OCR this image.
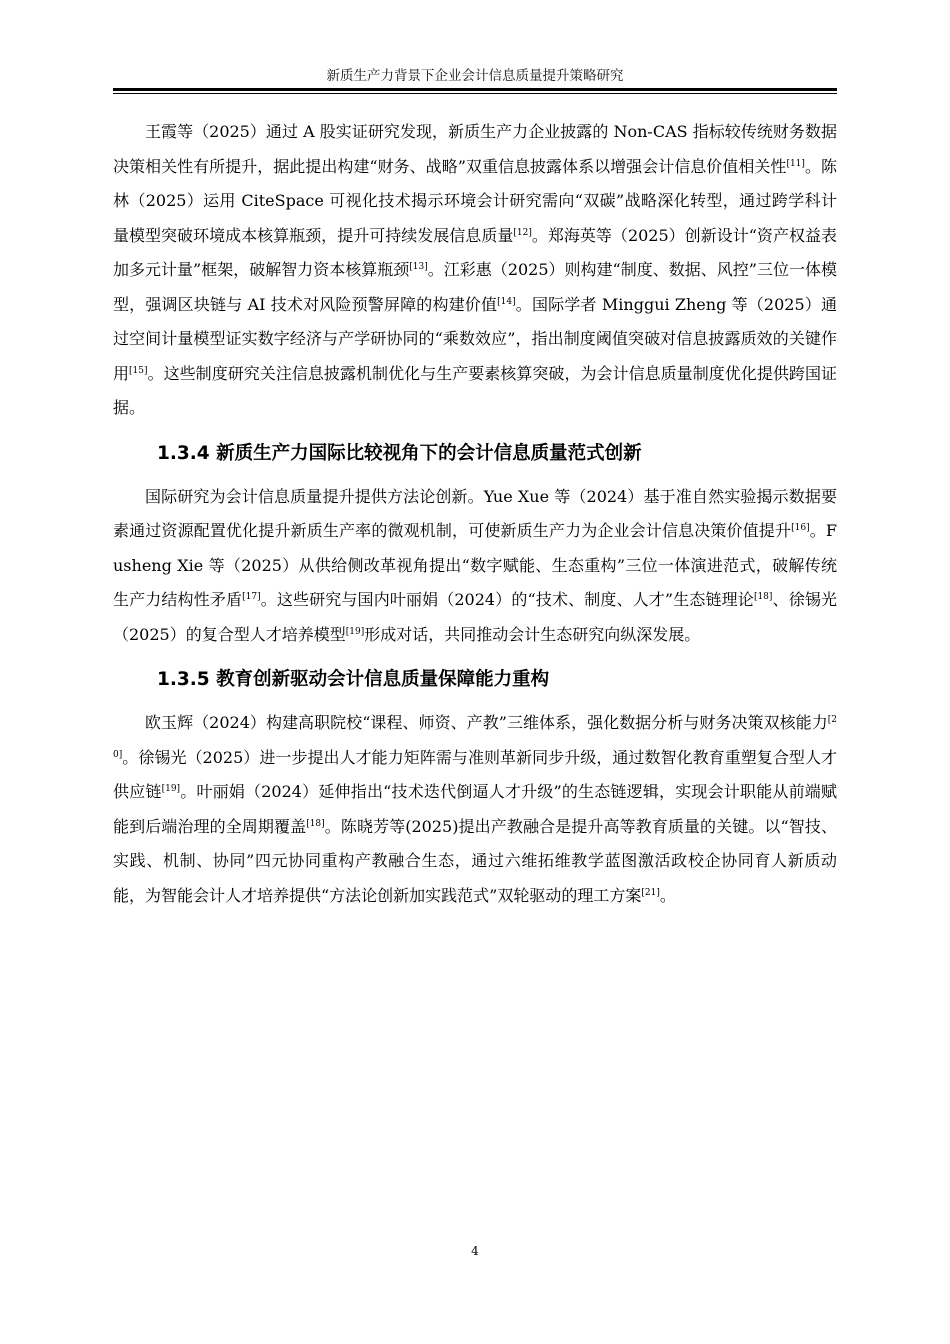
新质生产力背景下企业会计信息质量提升策略研究

王霞等（2025）通过 A 股实证研究发现，新质生产力企业披露的 Non-CAS 指标较传统财务数据决策相关性有所提升，据此提出构建“财务、战略”双重信息披露体系以增强会计信息价值相关性[11]。陈林（2025）运用 CiteSpace 可视化技术揭示环境会计研究需向“双碳”战略深化转型，通过跨学科计量模型突破环境成本核算瓶颈，提升可持续发展信息质量[12]。郑海英等（2025）创新设计“资产权益表加多元计量”框架，破解智力资本核算瓶颈[13]。江彩惠（2025）则构建“制度、数据、风控”三位一体模型，强调区块链与 AI 技术对风险预警屏障的构建价值[14]。国际学者 Minggui Zheng 等（2025）通过空间计量模型证实数字经济与产学研协同的“乘数效应”，指出制度阈值突破对信息披露质效的关键作用[15]。这些制度研究关注信息披露机制优化与生产要素核算突破，为会计信息质量制度优化提供跨国证据。

1.3.4 新质生产力国际比较视角下的会计信息质量范式创新

国际研究为会计信息质量提升提供方法论创新。Yue Xue 等（2024）基于准自然实验揭示数据要素通过资源配置优化提升新质生产率的微观机制，可使新质生产力为企业会计信息决策价值提升[16]。Fusheng Xie 等（2025）从供给侧改革视角提出“数字赋能、生态重构”三位一体演进范式，破解传统生产力结构性矛盾[17]。这些研究与国内叶丽娟（2024）的“技术、制度、人才”生态链理论[18]、徐锡光（2025）的复合型人才培养模型[19]形成对话，共同推动会计生态研究向纵深发展。

1.3.5 教育创新驱动会计信息质量保障能力重构

欧玉辉（2024）构建高职院校“课程、师资、产教”三维体系，强化数据分析与财务决策双核能力[20]。徐锡光（2025）进一步提出人才能力矩阵需与准则革新同步升级，通过数智化教育重塑复合型人才供应链[19]。叶丽娟（2024）延伸指出“技术迭代倒逼人才升级”的生态链逻辑，实现会计职能从前端赋能到后端治理的全周期覆盖[18]。陈晓芳等(2025)提出产教融合是提升高等教育质量的关键。以“智技、实践、机制、协同”四元协同重构产教融合生态，通过六维拓维教学蓝图激活政校企协同育人新质动能，为智能会计人才培养提供“方法论创新加实践范式”双轮驱动的理工方案[21]。

4
